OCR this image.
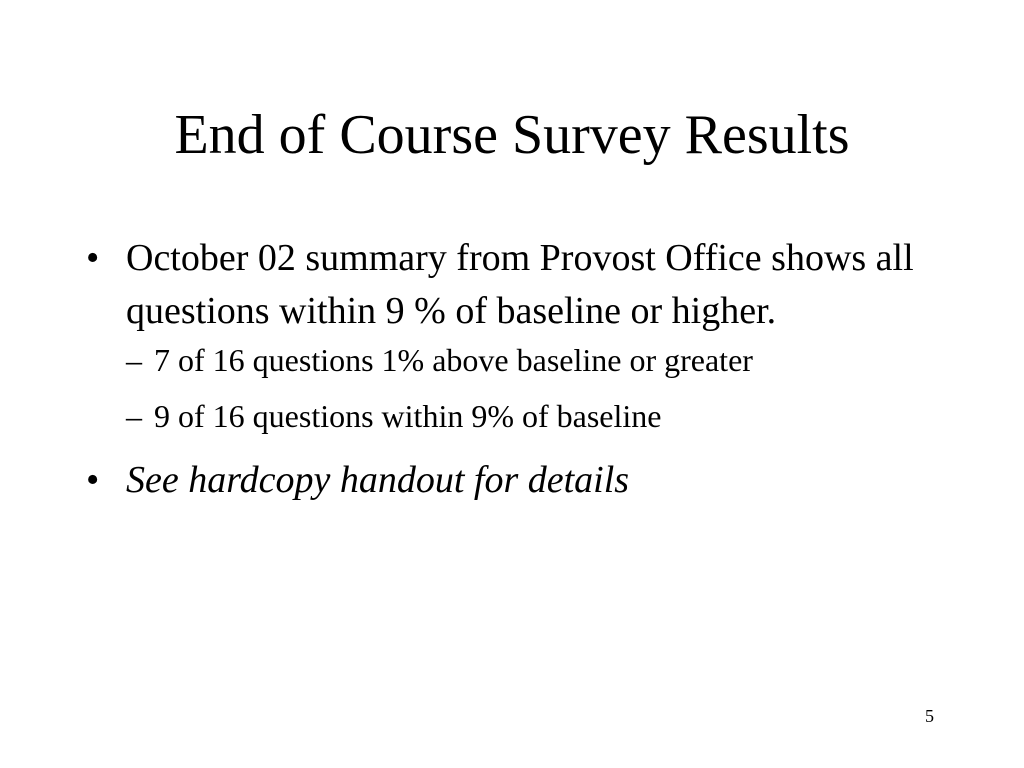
End of Course Survey Results
• October 02 summary from Provost Office shows all questions within 9 % of baseline or higher.
– 7 of 16 questions 1% above baseline or greater
– 9 of 16 questions within 9% of baseline
• See hardcopy handout for details
5
